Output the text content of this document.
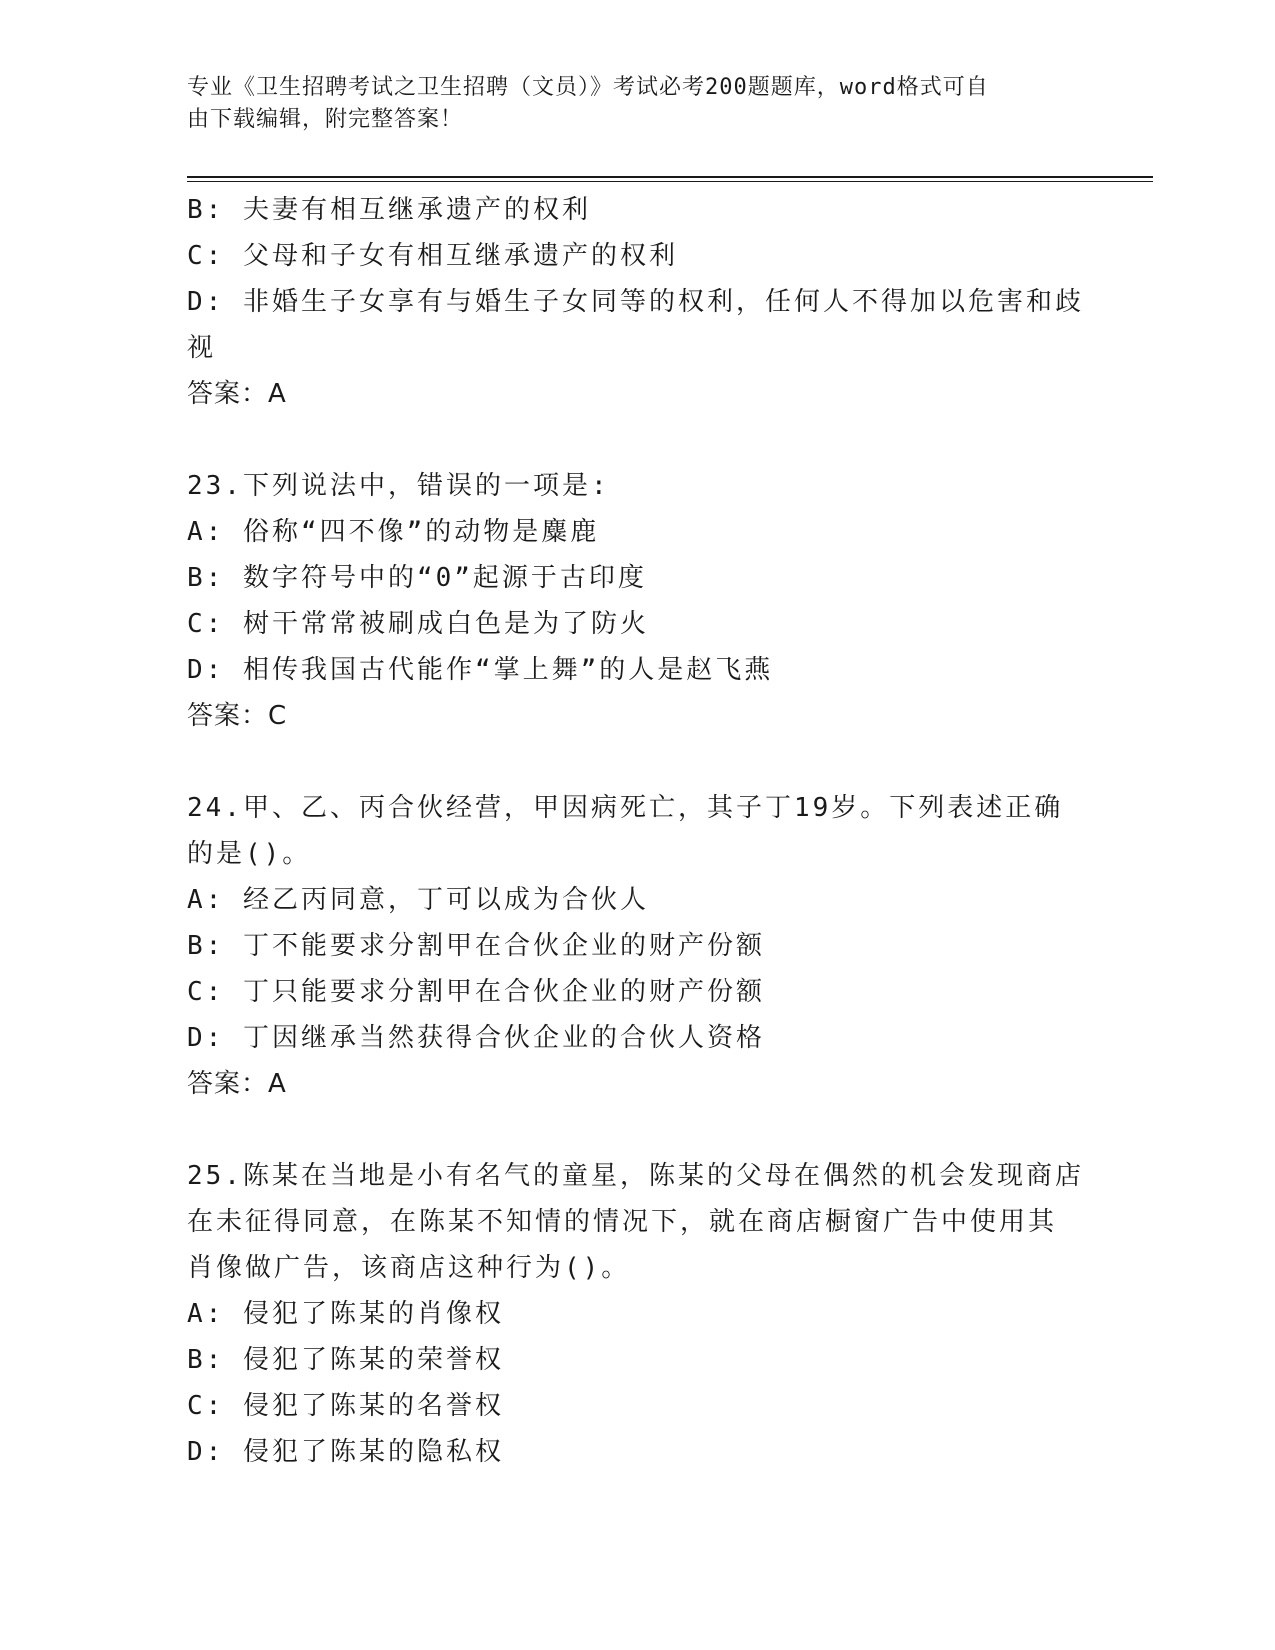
专业《卫生招聘考试之卫生招聘（文员）》考试必考200题题库，word格式可自
由下载编辑，附完整答案！
B: 夫妻有相互继承遗产的权利
C: 父母和子女有相互继承遗产的权利
D: 非婚生子女享有与婚生子女同等的权利，任何人不得加以危害和歧
视
答案：A
23.下列说法中，错误的一项是:
A: 俗称“四不像”的动物是麋鹿
B: 数字符号中的“0”起源于古印度
C: 树干常常被刷成白色是为了防火
D: 相传我国古代能作“掌上舞”的人是赵飞燕
答案：C
24.甲、乙、丙合伙经营，甲因病死亡，其子丁19岁。下列表述正确
的是()。
A: 经乙丙同意，丁可以成为合伙人
B: 丁不能要求分割甲在合伙企业的财产份额
C: 丁只能要求分割甲在合伙企业的财产份额
D: 丁因继承当然获得合伙企业的合伙人资格
答案：A
25.陈某在当地是小有名气的童星，陈某的父母在偶然的机会发现商店
在未征得同意，在陈某不知情的情况下，就在商店橱窗广告中使用其
肖像做广告，该商店这种行为()。
A: 侵犯了陈某的肖像权
B: 侵犯了陈某的荣誉权
C: 侵犯了陈某的名誉权
D: 侵犯了陈某的隐私权
